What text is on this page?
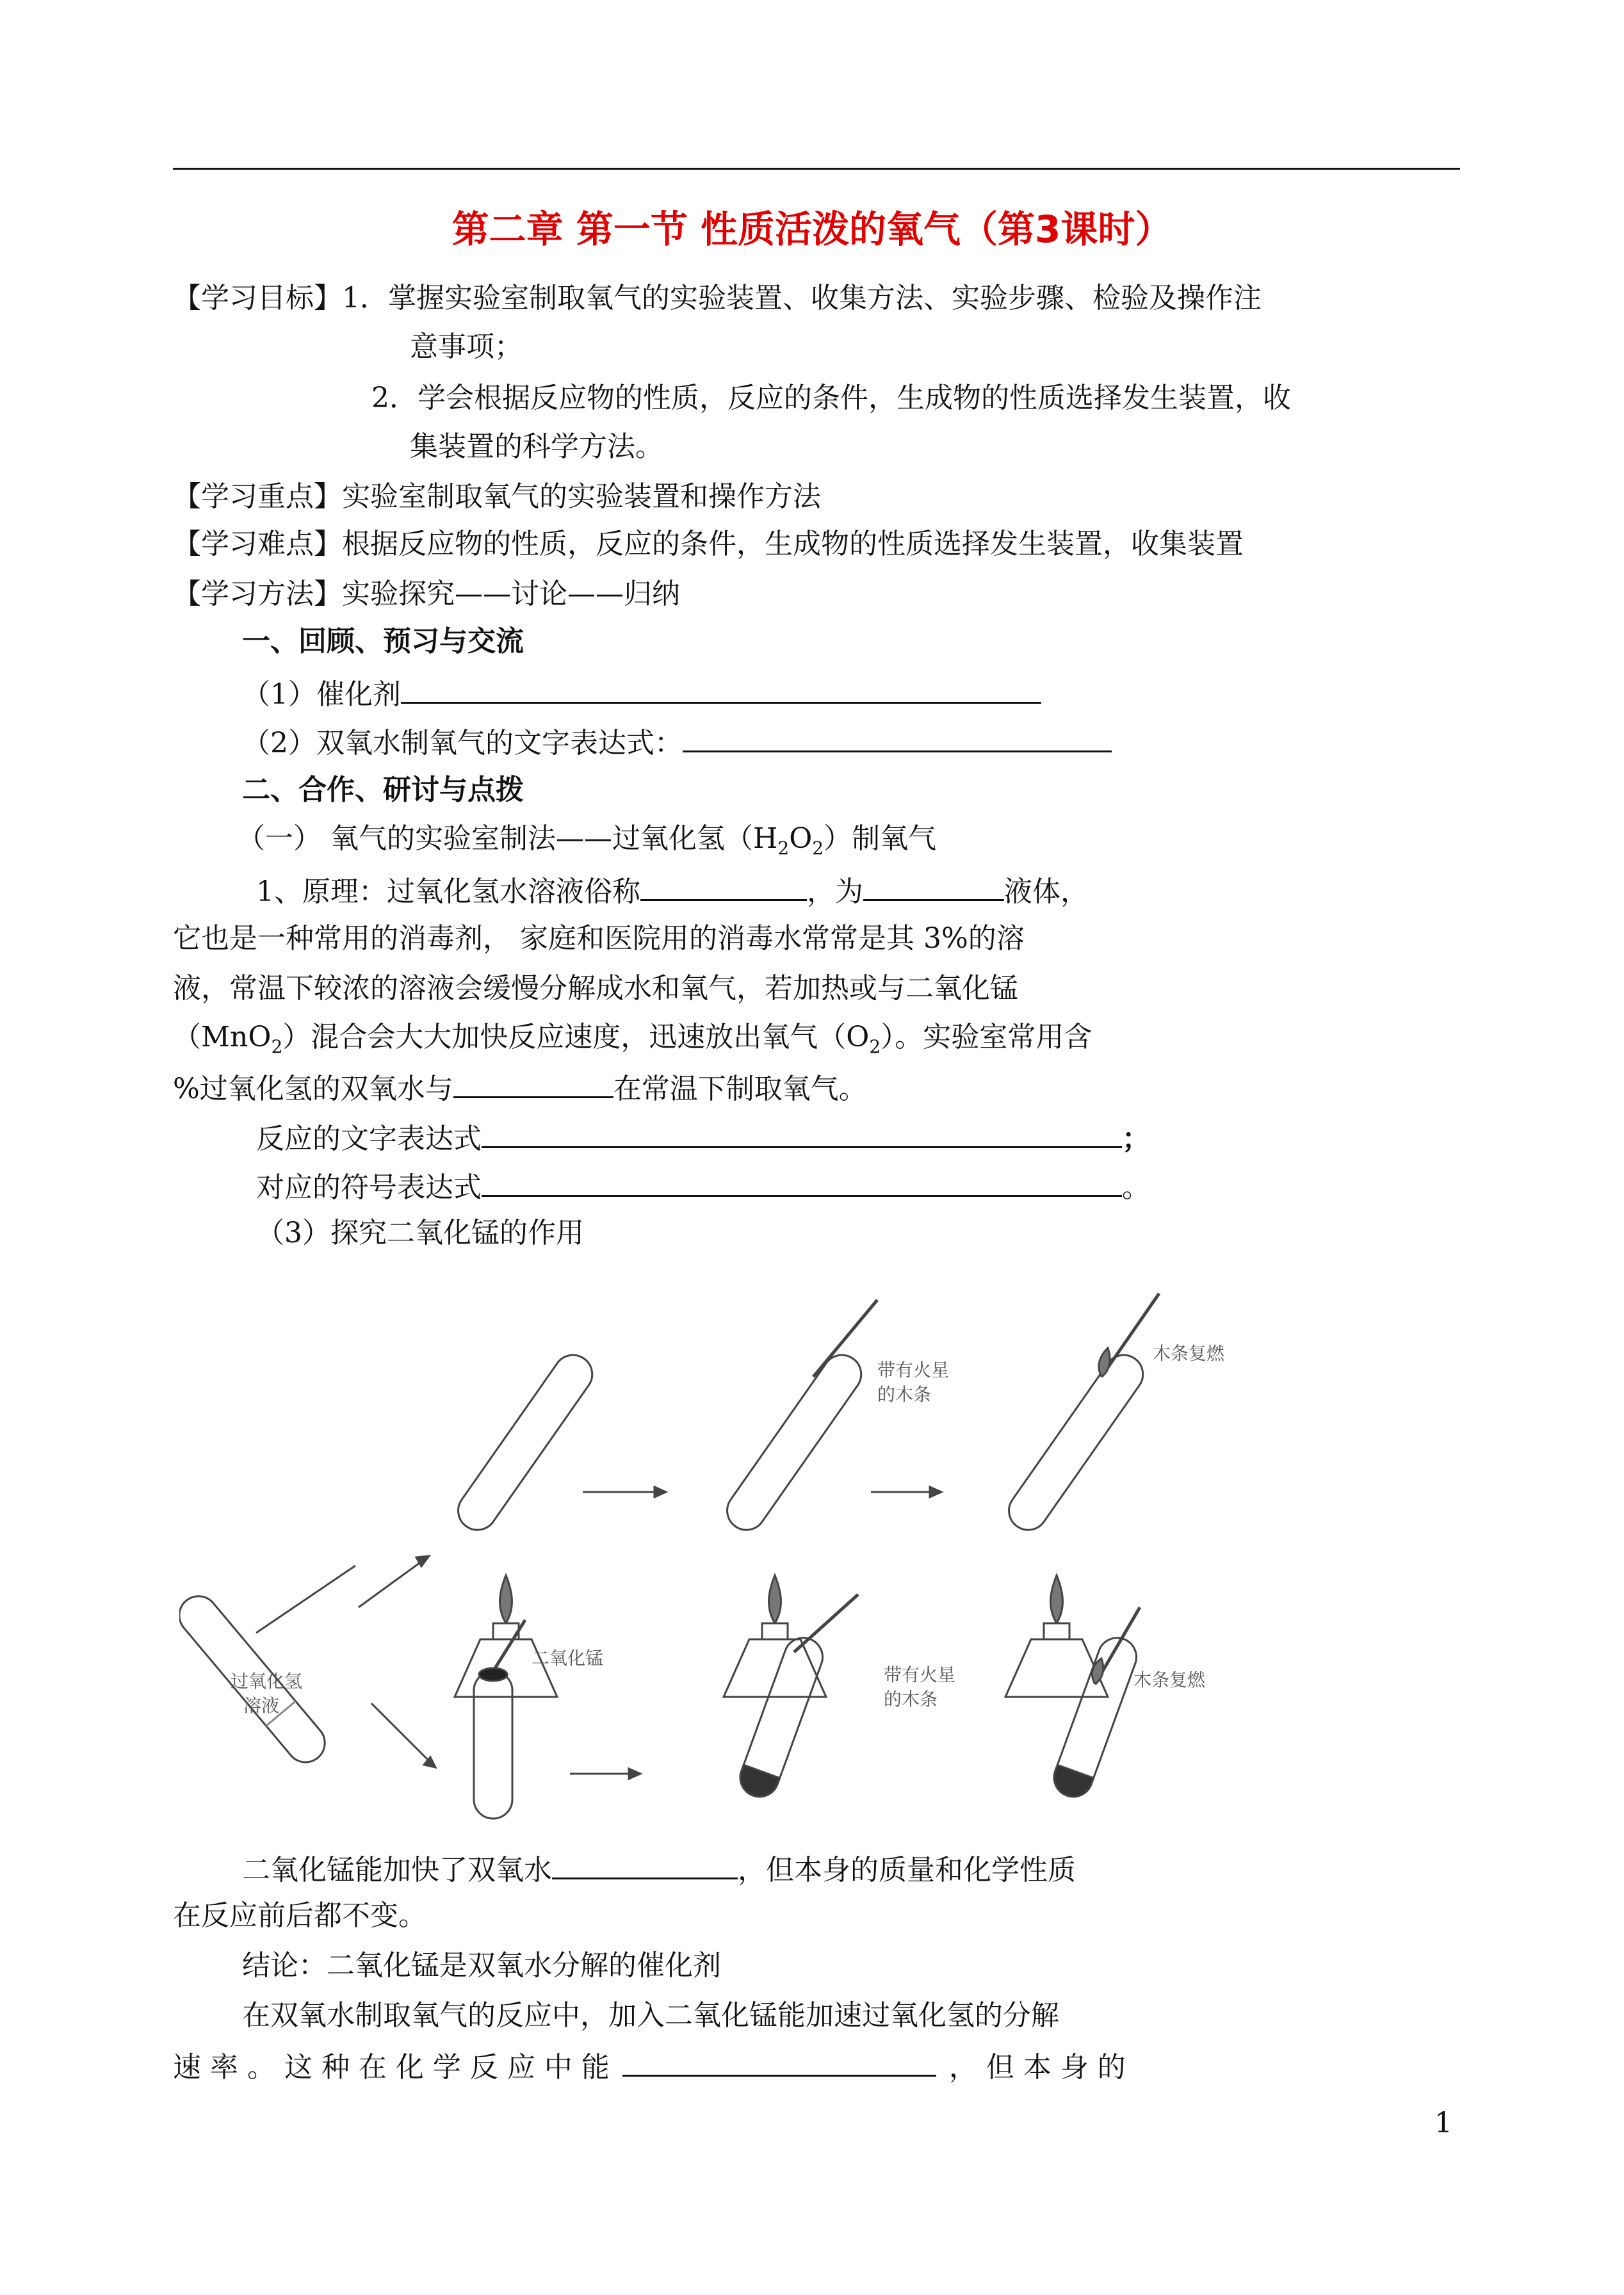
第二章 第一节 性质活泼的氧气（第3课时）
【学习目标】1．掌握实验室制取氧气的实验装置、收集方法、实验步骤、检验及操作注
意事项；
2．学会根据反应物的性质，反应的条件，生成物的性质选择发生装置，收
集装置的科学方法。
【学习重点】实验室制取氧气的实验装置和操作方法
【学习难点】根据反应物的性质，反应的条件，生成物的性质选择发生装置，收集装置
【学习方法】实验探究——讨论——归纳
一、回顾、预习与交流
（1）催化剂
（2）双氧水制氧气的文字表达式：
二、合作、研讨与点拨
（一） 氧气的实验室制法——过氧化氢$(H_2O_2)$制氧气
1、原理：过氧化氢水溶液俗称	，为	液体，
它也是一种常用的消毒剂， 家庭和医院用的消毒水常常是其 3%的溶
液，常温下较浓的溶液会缓慢分解成水和氧气，若加热或与二氧化锰
（MnO$_2$）混合会大大加快反应速度，迅速放出氧气$(O_2)$。实验室常用含
%过氧化氢的双氧水与	在常温下制取氧气。
反应的文字表达式	；
对应的符号表达式	。
（3）探究二氧化锰的作用
过氧化氢
溶液
二氧化锰
带有火星
的木条
带有火星
的木条
木条复燃
木条复燃
二氧化锰能加快了双氧水	，但本身的质量和化学性质
在反应前后都不变。
结论：二氧化锰是双氧水分解的催化剂
在双氧水制取氧气的反应中，加入二氧化锰能加速过氧化氢的分解
速 率 。 这 种 在 化 学 反 应 中 能	， 但 本 身 的
1
